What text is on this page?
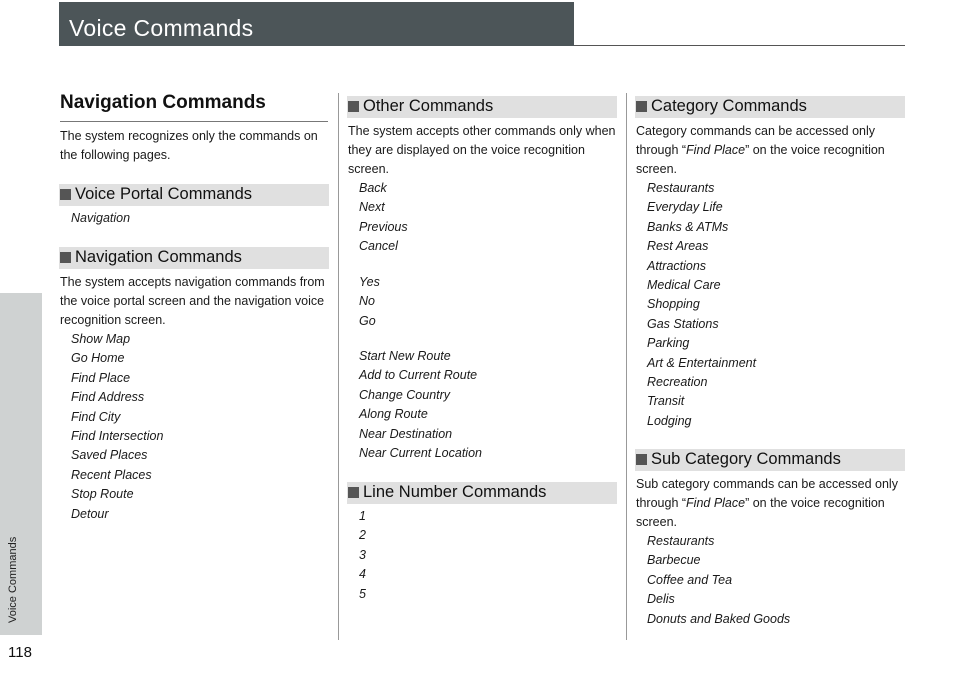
Voice Commands
Voice Commands
118
Navigation Commands
The system recognizes only the commands on the following pages.
Voice Portal Commands
Navigation
Navigation Commands
The system accepts navigation commands from the voice portal screen and the navigation voice recognition screen.
Show Map
Go Home
Find Place
Find Address
Find City
Find Intersection
Saved Places
Recent Places
Stop Route
Detour
Other Commands
The system accepts other commands only when they are displayed on the voice recognition screen.
Back
Next
Previous
Cancel
Yes
No
Go
Start New Route
Add to Current Route
Change Country
Along Route
Near Destination
Near Current Location
Line Number Commands
1
2
3
4
5
Category Commands
Category commands can be accessed only through “Find Place” on the voice recognition screen.
Restaurants
Everyday Life
Banks & ATMs
Rest Areas
Attractions
Medical Care
Shopping
Gas Stations
Parking
Art & Entertainment
Recreation
Transit
Lodging
Sub Category Commands
Sub category commands can be accessed only through “Find Place” on the voice recognition screen.
Restaurants
Barbecue
Coffee and Tea
Delis
Donuts and Baked Goods
